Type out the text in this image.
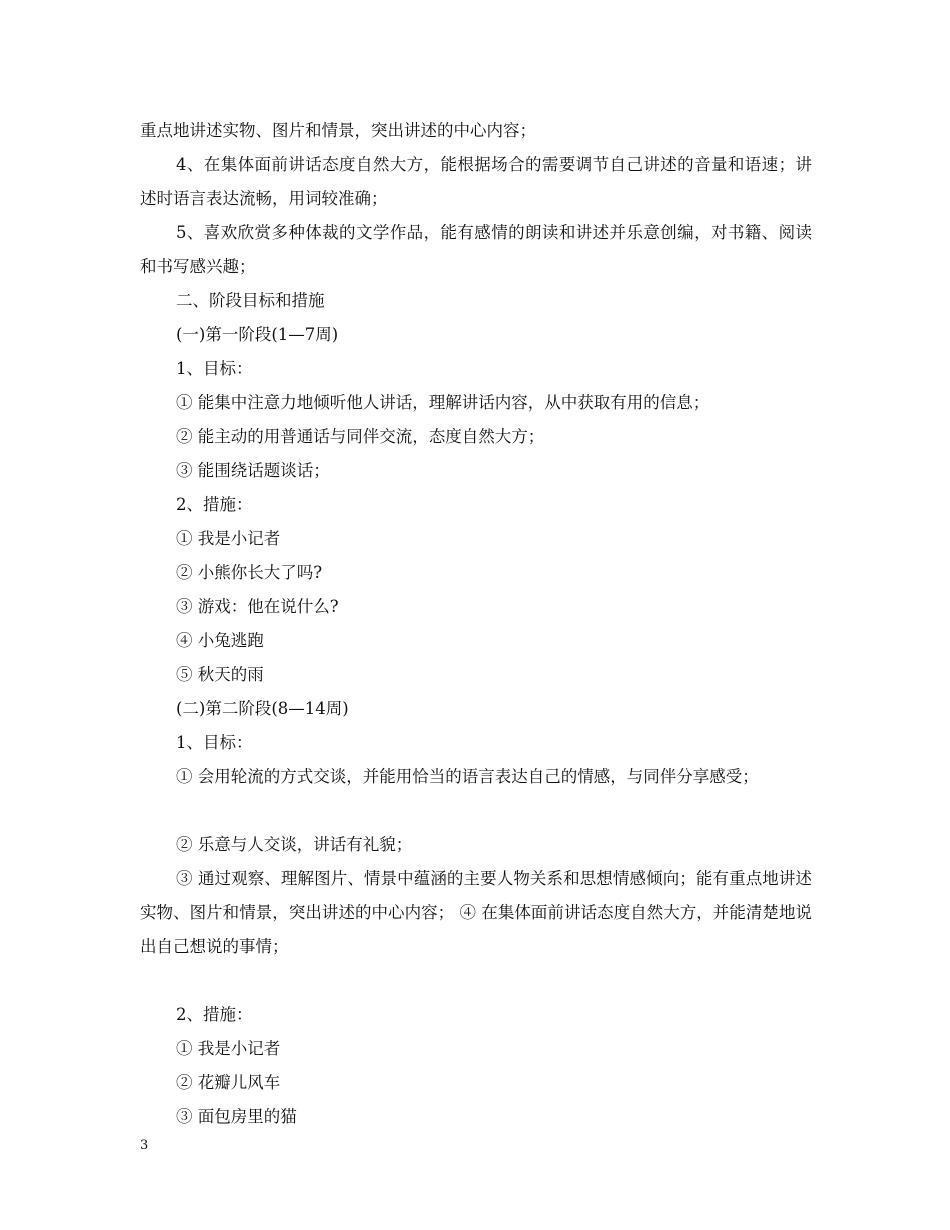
重点地讲述实物、图片和情景，突出讲述的中心内容；

4、在集体面前讲话态度自然大方，能根据场合的需要调节自己讲述的音量和语速；讲述时语言表达流畅，用词较准确；

5、喜欢欣赏多种体裁的文学作品，能有感情的朗读和讲述并乐意创编，对书籍、阅读和书写感兴趣；

二、阶段目标和措施
(一)第一阶段(1—7周)
1、目标：
① 能集中注意力地倾听他人讲话，理解讲话内容，从中获取有用的信息；
② 能主动的用普通话与同伴交流，态度自然大方；
③ 能围绕话题谈话；
2、措施：
① 我是小记者
② 小熊你长大了吗?
③ 游戏：他在说什么?
④ 小兔逃跑
⑤ 秋天的雨
(二)第二阶段(8—14周)
1、目标：

① 会用轮流的方式交谈，并能用恰当的语言表达自己的情感，与同伴分享感受；

② 乐意与人交谈，讲话有礼貌；

③ 通过观察、理解图片、情景中蕴涵的主要人物关系和思想情感倾向；能有重点地讲述实物、图片和情景，突出讲述的中心内容； ④ 在集体面前讲话态度自然大方，并能清楚地说出自己想说的事情；

2、措施：
① 我是小记者
② 花瓣儿风车
③ 面包房里的猫
3
